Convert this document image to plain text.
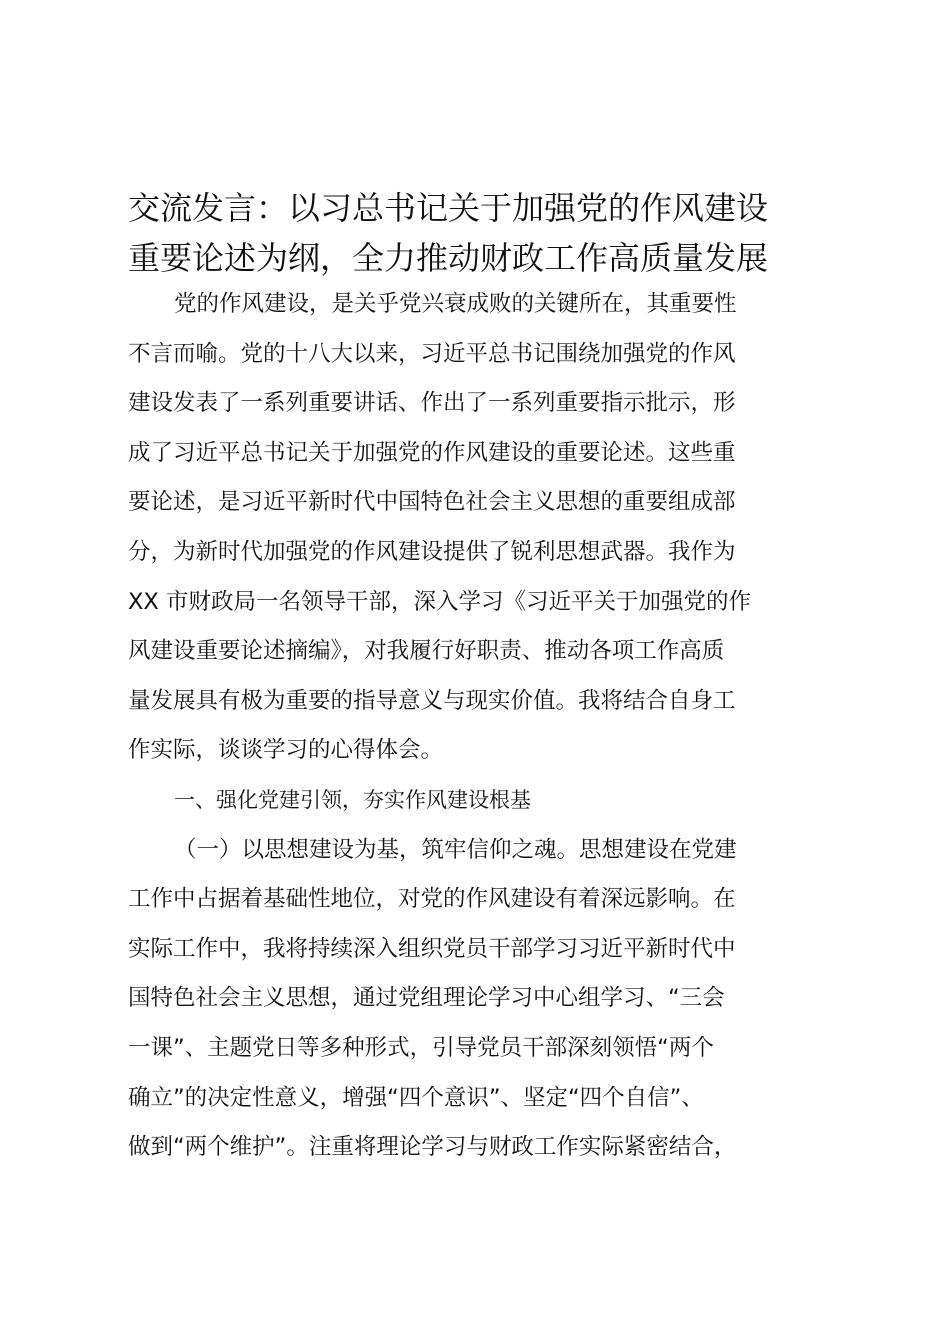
交流发言：以习总书记关于加强党的作风建设
重要论述为纲，全力推动财政工作高质量发展
党的作风建设，是关乎党兴衰成败的关键所在，其重要性
不言而喻。党的十八大以来，习近平总书记围绕加强党的作风
建设发表了一系列重要讲话、作出了一系列重要指示批示，形
成了习近平总书记关于加强党的作风建设的重要论述。这些重
要论述，是习近平新时代中国特色社会主义思想的重要组成部
分，为新时代加强党的作风建设提供了锐利思想武器。我作为
XX 市财政局一名领导干部，深入学习《习近平关于加强党的作
风建设重要论述摘编》，对我履行好职责、推动各项工作高质
量发展具有极为重要的指导意义与现实价值。我将结合自身工
作实际，谈谈学习的心得体会。
一、强化党建引领，夯实作风建设根基
（一）以思想建设为基，筑牢信仰之魂。思想建设在党建
工作中占据着基础性地位，对党的作风建设有着深远影响。在
实际工作中，我将持续深入组织党员干部学习习近平新时代中
国特色社会主义思想，通过党组理论学习中心组学习、“三会
一课”、主题党日等多种形式，引导党员干部深刻领悟“两个
确立”的决定性意义，增强“四个意识”、坚定“四个自信”、
做到“两个维护”。注重将理论学习与财政工作实际紧密结合，
